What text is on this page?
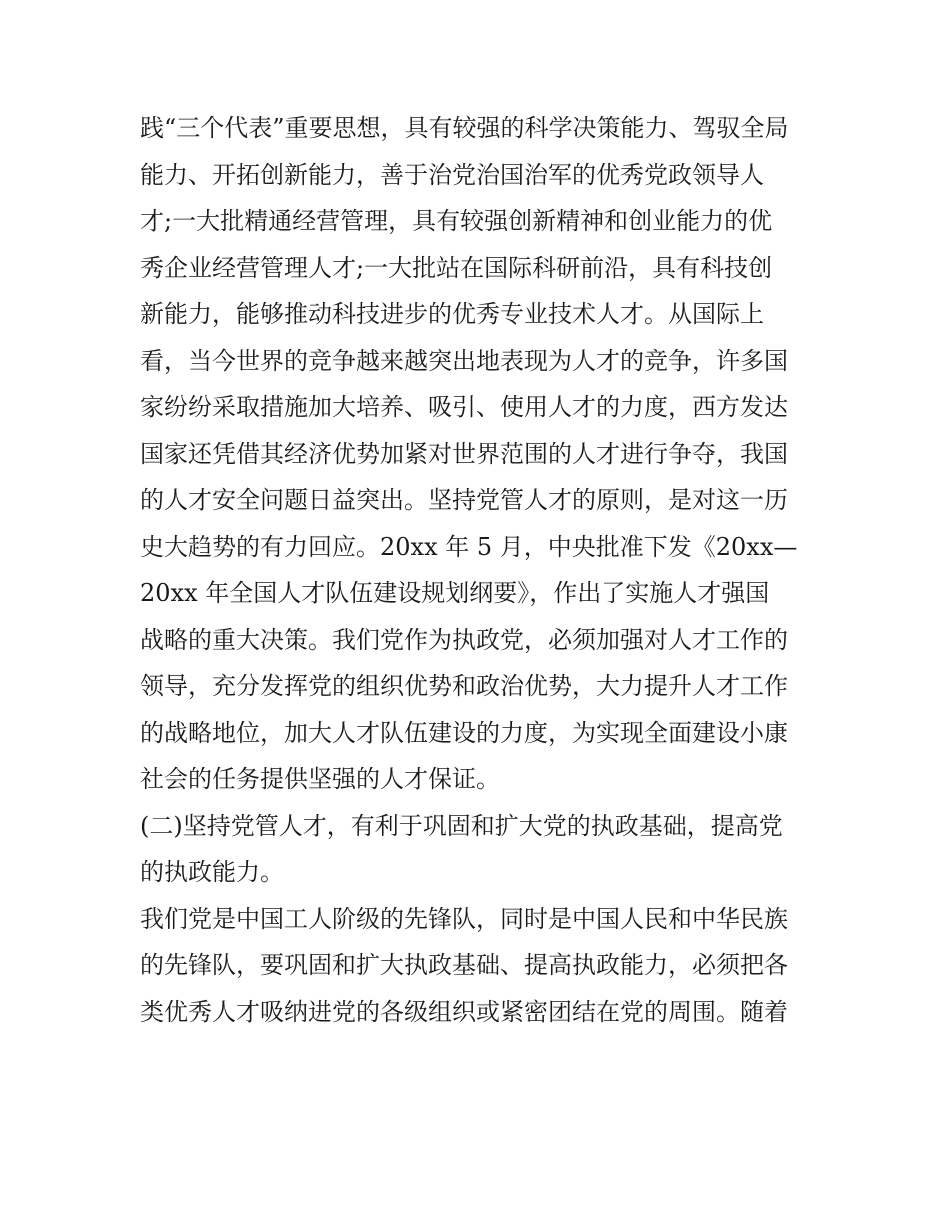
践“三个代表”重要思想，具有较强的科学决策能力、驾驭全局
能力、开拓创新能力，善于治党治国治军的优秀党政领导人
才;一大批精通经营管理，具有较强创新精神和创业能力的优
秀企业经营管理人才;一大批站在国际科研前沿，具有科技创
新能力，能够推动科技进步的优秀专业技术人才。从国际上
看，当今世界的竞争越来越突出地表现为人才的竞争，许多国
家纷纷采取措施加大培养、吸引、使用人才的力度，西方发达
国家还凭借其经济优势加紧对世界范围的人才进行争夺，我国
的人才安全问题日益突出。坚持党管人才的原则，是对这一历
史大趋势的有力回应。20xx 年 5 月，中央批准下发《20xx—
20xx 年全国人才队伍建设规划纲要》，作出了实施人才强国
战略的重大决策。我们党作为执政党，必须加强对人才工作的
领导，充分发挥党的组织优势和政治优势，大力提升人才工作
的战略地位，加大人才队伍建设的力度，为实现全面建设小康
社会的任务提供坚强的人才保证。
(二)坚持党管人才，有利于巩固和扩大党的执政基础，提高党
的执政能力。
我们党是中国工人阶级的先锋队，同时是中国人民和中华民族
的先锋队，要巩固和扩大执政基础、提高执政能力，必须把各
类优秀人才吸纳进党的各级组织或紧密团结在党的周围。随着
